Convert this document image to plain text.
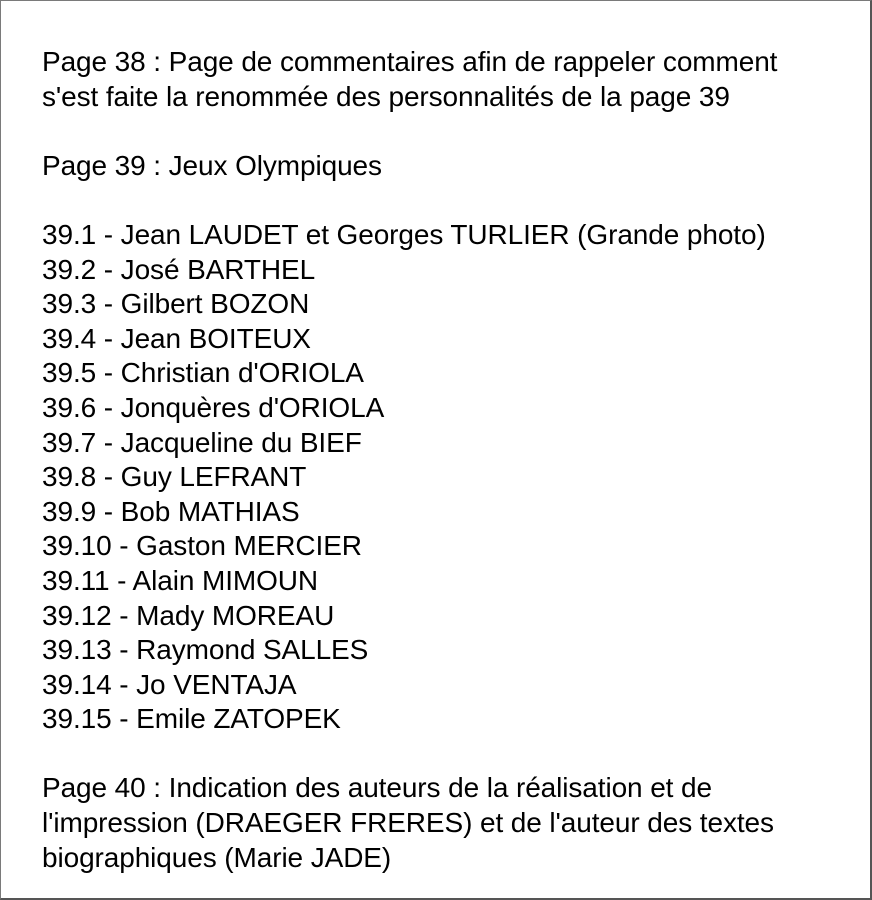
Page 38 : Page de commentaires afin de rappeler comment
s'est faite la renommée des personnalités de la page 39

Page 39 : Jeux Olympiques

39.1 - Jean LAUDET et Georges TURLIER (Grande photo)
39.2 - José BARTHEL
39.3 - Gilbert BOZON
39.4 - Jean BOITEUX
39.5 - Christian d'ORIOLA
39.6 - Jonquères d'ORIOLA
39.7 - Jacqueline du BIEF
39.8 - Guy LEFRANT
39.9 - Bob MATHIAS
39.10 - Gaston MERCIER
39.11 - Alain MIMOUN
39.12 - Mady MOREAU
39.13 - Raymond SALLES
39.14 - Jo VENTAJA
39.15 - Emile ZATOPEK

Page 40 : Indication des auteurs de la réalisation et de
l'impression (DRAEGER FRERES) et de l'auteur des textes
biographiques (Marie JADE)
